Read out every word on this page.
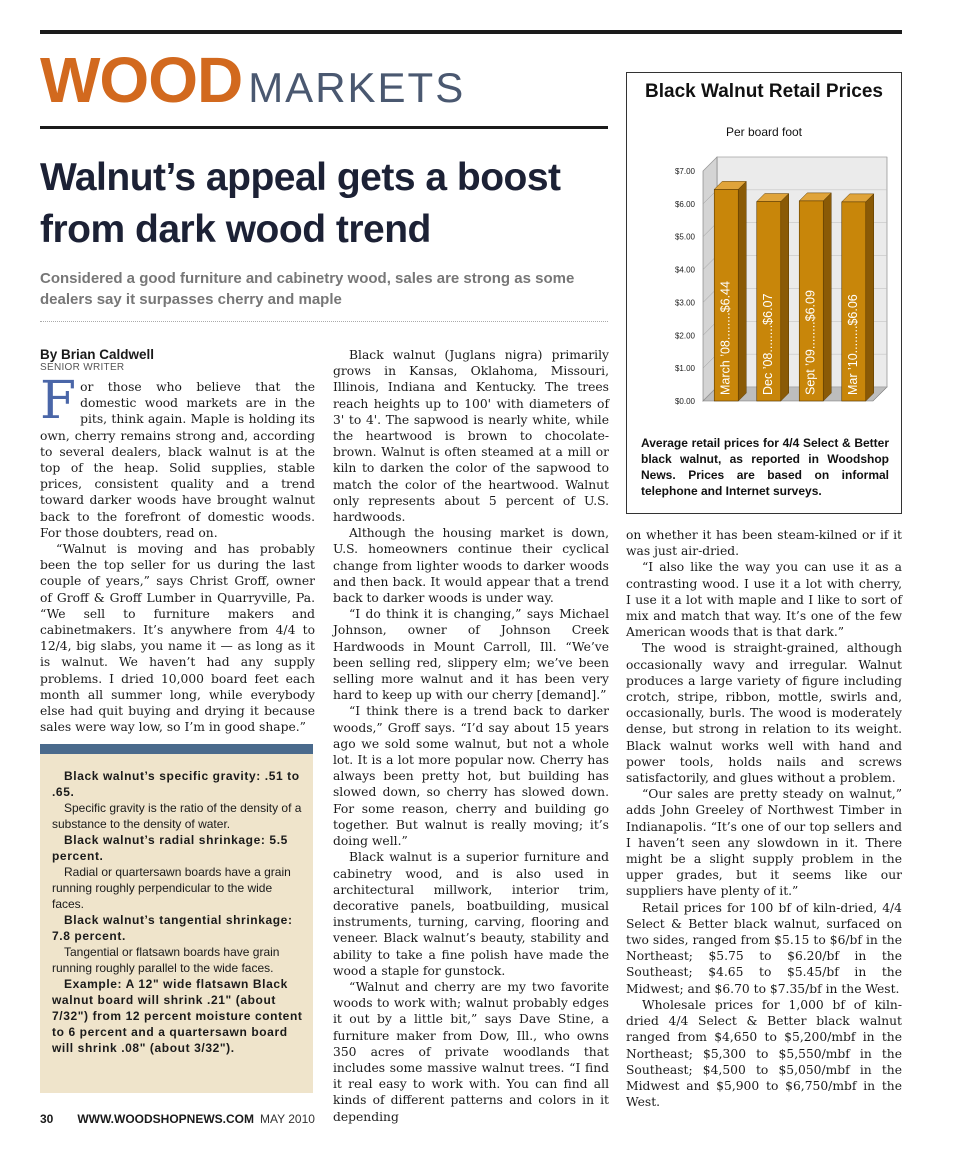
WOOD MARKETS
Walnut’s appeal gets a boost from dark wood trend

Considered a good furniture and cabinetry wood, sales are strong as some dealers say it surpasses cherry and maple

By Brian Caldwell
SENIOR WRITER

For those who believe that the domestic wood markets are in the pits, think again. Maple is holding its own, cherry remains strong and, according to several dealers, black walnut is at the top of the heap. Solid supplies, stable prices, consistent quality and a trend toward darker woods have brought walnut back to the forefront of domestic woods. For those doubters, read on.

“Walnut is moving and has probably been the top seller for us during the last couple of years,” says Christ Groff, owner of Groff & Groff Lumber in Quarryville, Pa. “We sell to furniture makers and cabinetmakers. It’s anywhere from 4/4 to 12/4, big slabs, you name it — as long as it is walnut. We haven’t had any supply problems. I dried 10,000 board feet each month all summer long, while everybody else had quit buying and drying it because sales were way low, so I’m in good shape.”

Black walnut (Juglans nigra) primarily grows in Kansas, Oklahoma, Missouri, Illinois, Indiana and Kentucky. The trees reach heights up to 100' with diameters of 3' to 4'. The sapwood is nearly white, while the heartwood is brown to chocolate-brown. Walnut is often steamed at a mill or kiln to darken the color of the sapwood to match the color of the heartwood. Walnut only represents about 5 percent of U.S. hardwoods.

Although the housing market is down, U.S. homeowners continue their cyclical change from lighter woods to darker woods and then back. It would appear that a trend back to darker woods is under way.

“I do think it is changing,” says Michael Johnson, owner of Johnson Creek Hardwoods in Mount Carroll, Ill. “We’ve been selling red, slippery elm; we’ve been selling more walnut and it has been very hard to keep up with our cherry [demand].”

“I think there is a trend back to darker woods,” Groff says. “I’d say about 15 years ago we sold some walnut, but not a whole lot. It is a lot more popular now. Cherry has always been pretty hot, but building has slowed down, so cherry has slowed down. For some reason, cherry and building go together. But walnut is really moving; it’s doing well.”

Black walnut is a superior furniture and cabinetry wood, and is also used in architectural millwork, interior trim, decorative panels, boatbuilding, musical instruments, turning, carving, flooring and veneer. Black walnut’s beauty, stability and ability to take a fine polish have made the wood a staple for gunstock.

“Walnut and cherry are my two favorite woods to work with; walnut probably edges it out by a little bit,” says Dave Stine, a furniture maker from Dow, Ill., who owns 350 acres of private woodlands that includes some massive walnut trees. “I find it real easy to work with. You can find all kinds of different patterns and colors in it depending

on whether it has been steam-kilned or if it was just air-dried.

“I also like the way you can use it as a contrasting wood. I use it a lot with cherry, I use it a lot with maple and I like to sort of mix and match that way. It’s one of the few American woods that is that dark.”

The wood is straight-grained, although occasionally wavy and irregular. Walnut produces a large variety of figure including crotch, stripe, ribbon, mottle, swirls and, occasionally, burls. The wood is moderately dense, but strong in relation to its weight. Black walnut works well with hand and power tools, holds nails and screws satisfactorily, and glues without a problem.

“Our sales are pretty steady on walnut,” adds John Greeley of Northwest Timber in Indianapolis. “It’s one of our top sellers and I haven’t seen any slowdown in it. There might be a slight supply problem in the upper grades, but it seems like our suppliers have plenty of it.”

Retail prices for 100 bf of kiln-dried, 4/4 Select & Better black walnut, surfaced on two sides, ranged from $5.15 to $6/bf in the Northeast; $5.75 to $6.20/bf in the Southeast; $4.65 to $5.45/bf in the Midwest; and $6.70 to $7.35/bf in the West.

Wholesale prices for 1,000 bf of kiln-dried 4/4 Select & Better black walnut ranged from $4,650 to $5,200/mbf in the Northeast; $5,300 to $5,550/mbf in the Southeast; $4,500 to $5,050/mbf in the Midwest and $5,900 to $6,750/mbf in the West.

Black walnut’s specific gravity: .51 to .65.

Specific gravity is the ratio of the density of a substance to the density of water.

Black walnut’s radial shrinkage: 5.5 percent.

Radial or quartersawn boards have a grain running roughly perpendicular to the wide faces.

Black walnut’s tangential shrinkage: 7.8 percent.

Tangential or flatsawn boards have grain running roughly parallel to the wide faces.

Example: A 12" wide flatsawn Black walnut board will shrink .21" (about 7/32") from 12 percent moisture content to 6 percent and a quartersawn board will shrink .08" (about 3/32").

Black Walnut Retail Prices

Per board foot
$0.00
$1.00
$2.00
$3.00
$4.00
$5.00
$6.00
$7.00
March ’08........$6.44
Dec ’08........$6.07
Sept ’09........$6.09
Mar ’10........$6.06

Average retail prices for 4/4 Select & Better black walnut, as reported in Woodshop News. Prices are based on informal telephone and Internet surveys.

30 WWW.WOODSHOPNEWS.COM MAY 2010
